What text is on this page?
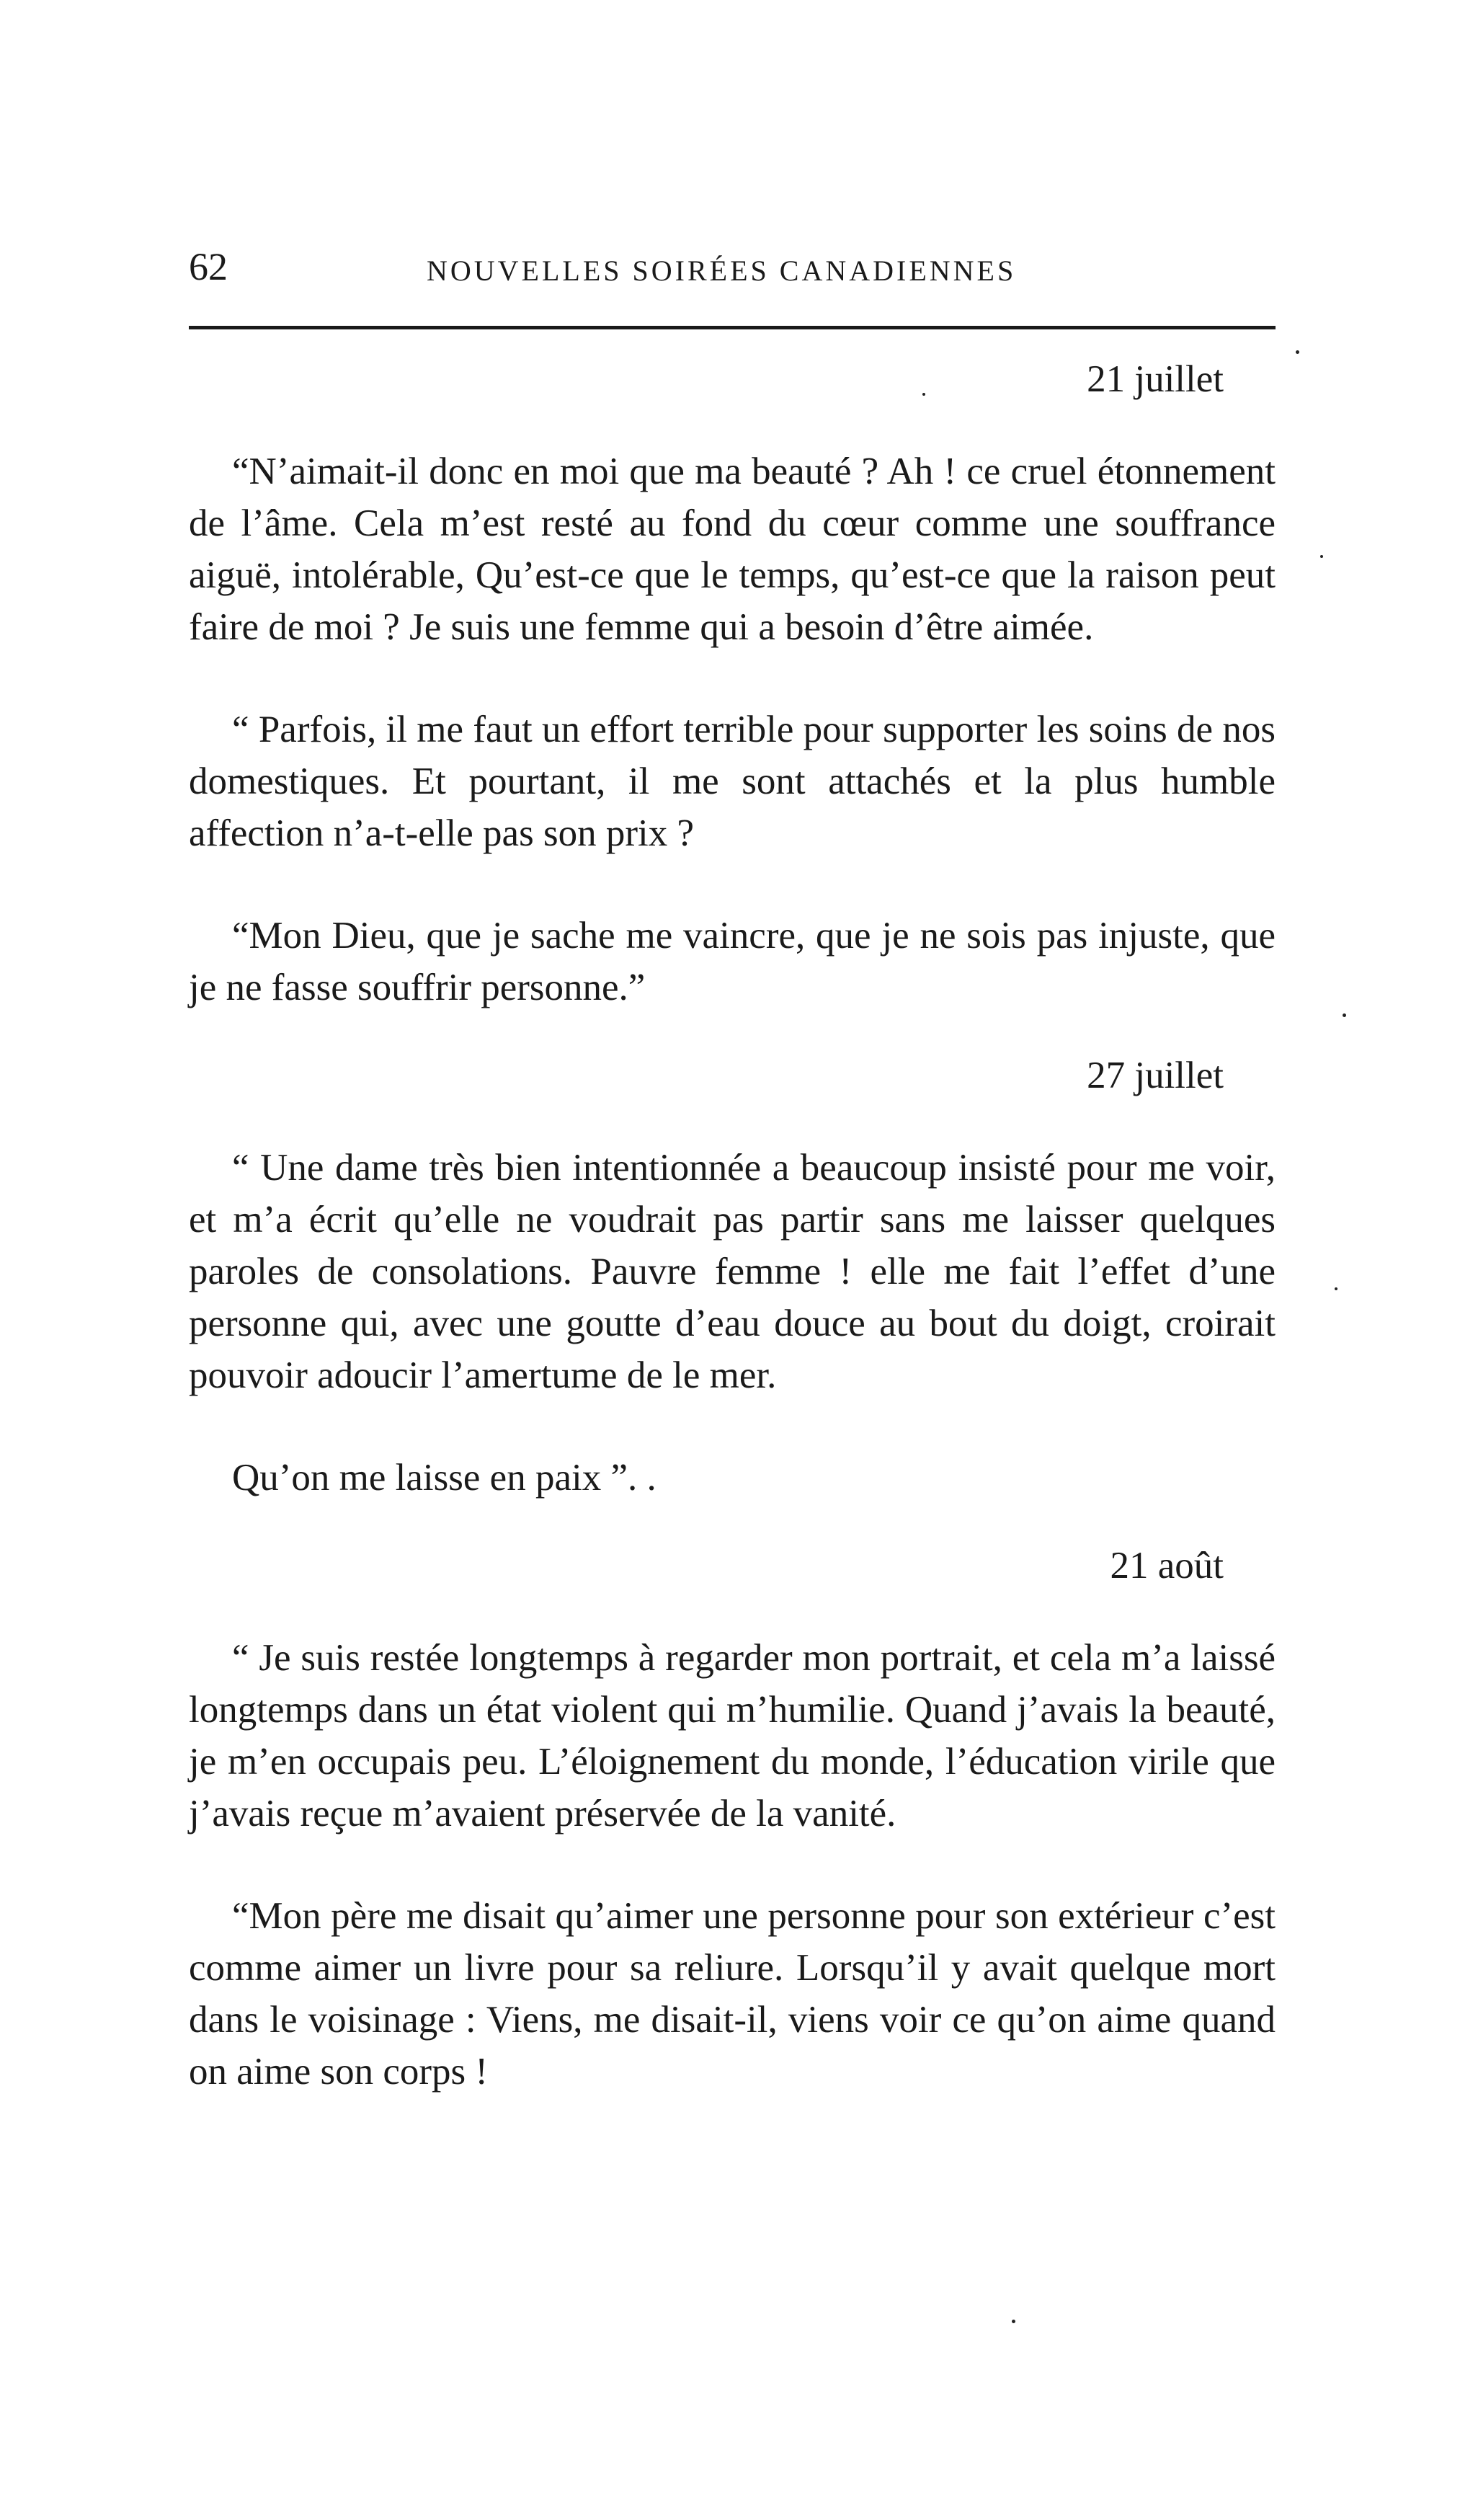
62	NOUVELLES SOIRÉES CANADIENNES

21 juillet

“N’aimait-il donc en moi que ma beauté ? Ah ! ce cruel étonnement de l’âme. Cela m’est resté au fond du cœur comme une souffrance aiguë, intolérable, Qu’est-ce que le temps, qu’est-ce que la raison peut faire de moi ? Je suis une femme qui a besoin d’être aimée.

“ Parfois, il me faut un effort terrible pour supporter les soins de nos domestiques. Et pourtant, il me sont attachés et la plus humble affection n’a-t-elle pas son prix ?

“Mon Dieu, que je sache me vaincre, que je ne sois pas injuste, que je ne fasse souffrir personne.”

27 juillet

“ Une dame très bien intentionnée a beaucoup insisté pour me voir, et m’a écrit qu’elle ne voudrait pas partir sans me laisser quelques paroles de consolations. Pauvre femme ! elle me fait l’effet d’une personne qui, avec une goutte d’eau douce au bout du doigt, croirait pouvoir adoucir l’amertume de le mer.

Qu’on me laisse en paix ”. .

21 août

“ Je suis restée longtemps à regarder mon portrait, et cela m’a laissé longtemps dans un état violent qui m’humilie. Quand j’avais la beauté, je m’en occupais peu. L’éloignement du monde, l’éducation virile que j’avais reçue m’avaient préservée de la vanité.

“Mon père me disait qu’aimer une personne pour son extérieur c’est comme aimer un livre pour sa reliure. Lorsqu’il y avait quelque mort dans le voisinage : Viens, me disait-il, viens voir ce qu’on aime quand on aime son corps !
